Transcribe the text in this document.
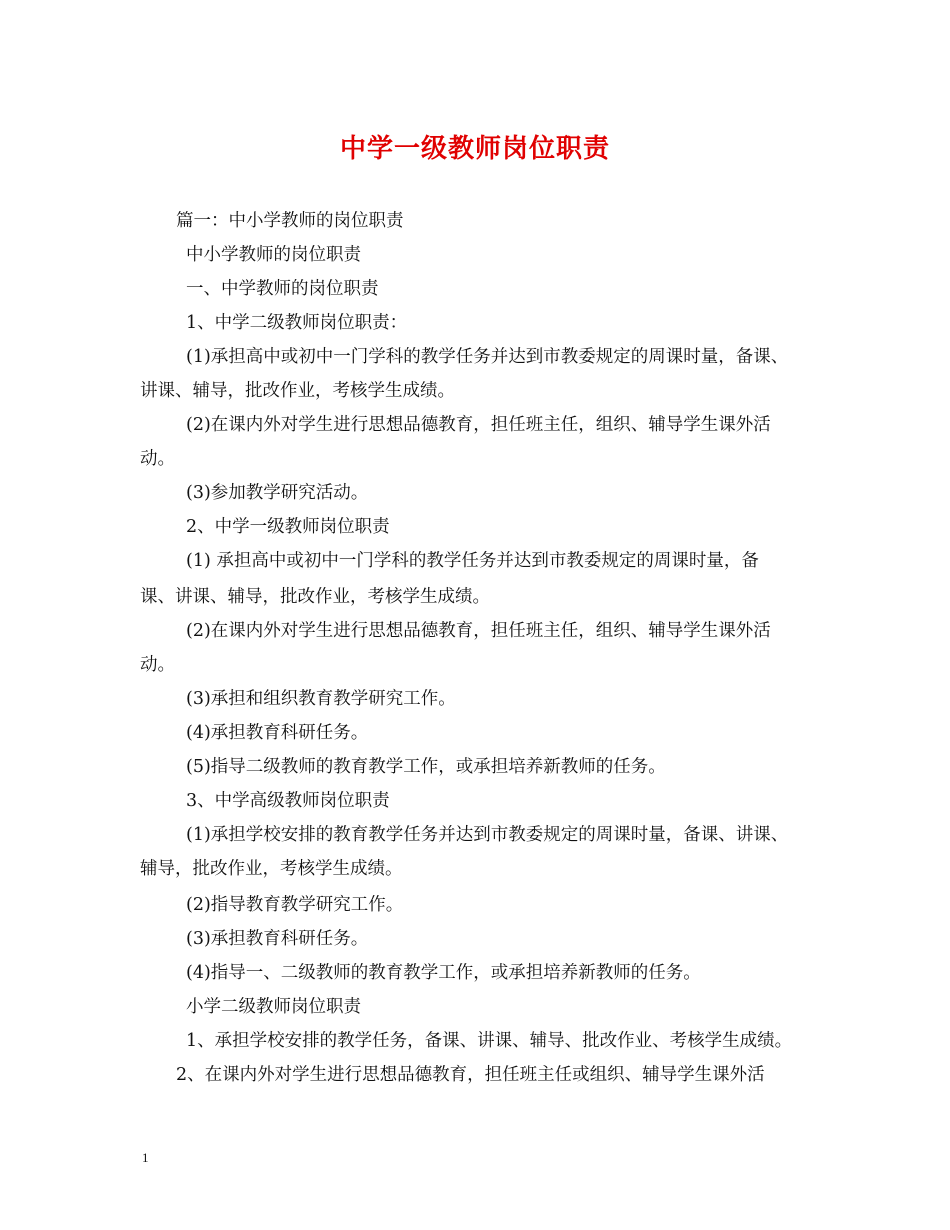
中学一级教师岗位职责

篇一：中小学教师的岗位职责

中小学教师的岗位职责

一、中学教师的岗位职责

1、中学二级教师岗位职责：

(1)承担高中或初中一门学科的教学任务并达到市教委规定的周课时量，备课、

讲课、辅导，批改作业，考核学生成绩。

(2)在课内外对学生进行思想品德教育，担任班主任，组织、辅导学生课外活

动。

(3)参加教学研究活动。

2、中学一级教师岗位职责

(1) 承担高中或初中一门学科的教学任务并达到市教委规定的周课时量，备

课、讲课、辅导，批改作业，考核学生成绩。

(2)在课内外对学生进行思想品德教育，担任班主任，组织、辅导学生课外活

动。

(3)承担和组织教育教学研究工作。

(4)承担教育科研任务。

(5)指导二级教师的教育教学工作，或承担培养新教师的任务。

3、中学高级教师岗位职责

(1)承担学校安排的教育教学任务并达到市教委规定的周课时量，备课、讲课、

辅导，批改作业，考核学生成绩。

(2)指导教育教学研究工作。

(3)承担教育科研任务。

(4)指导一、二级教师的教育教学工作，或承担培养新教师的任务。

小学二级教师岗位职责

1、承担学校安排的教学任务，备课、讲课、辅导、批改作业、考核学生成绩。

2、在课内外对学生进行思想品德教育，担任班主任或组织、辅导学生课外活

1
